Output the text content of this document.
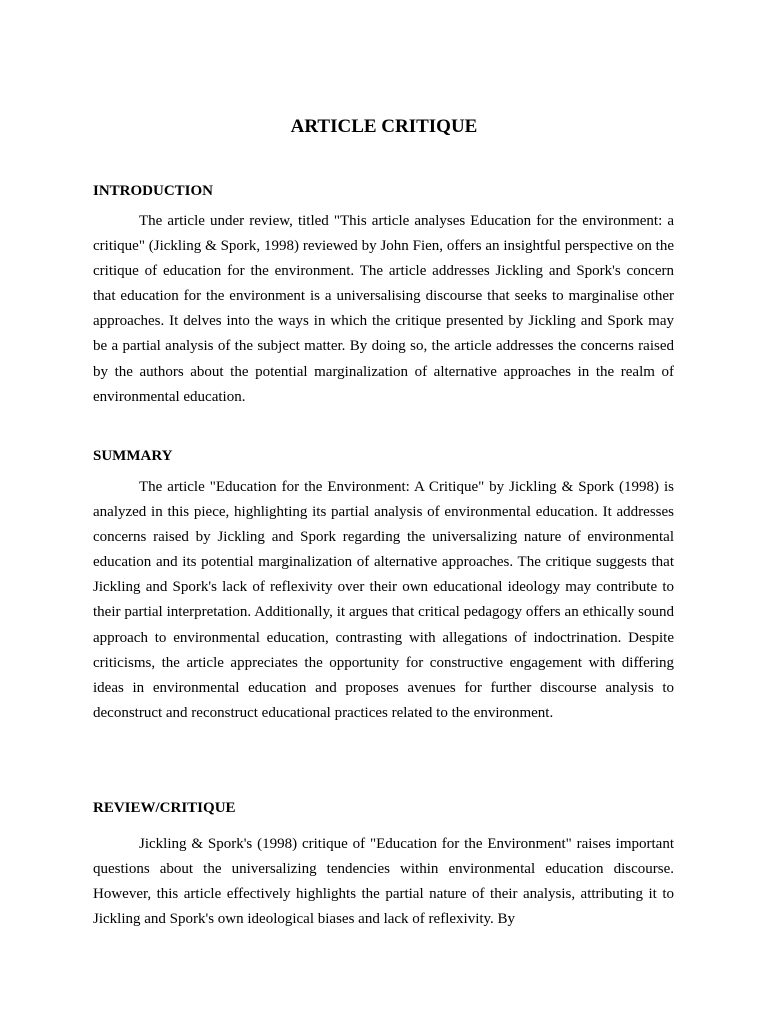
ARTICLE CRITIQUE
INTRODUCTION

The article under review, titled "This article analyses Education for the environment: a critique" (Jickling & Spork, 1998) reviewed by John Fien, offers an insightful perspective on the critique of education for the environment. The article addresses Jickling and Spork's concern that education for the environment is a universalising discourse that seeks to marginalise other approaches. It delves into the ways in which the critique presented by Jickling and Spork may be a partial analysis of the subject matter. By doing so, the article addresses the concerns raised by the authors about the potential marginalization of alternative approaches in the realm of environmental education.

SUMMARY

The article "Education for the Environment: A Critique" by Jickling & Spork (1998) is analyzed in this piece, highlighting its partial analysis of environmental education. It addresses concerns raised by Jickling and Spork regarding the universalizing nature of environmental education and its potential marginalization of alternative approaches. The critique suggests that Jickling and Spork's lack of reflexivity over their own educational ideology may contribute to their partial interpretation. Additionally, it argues that critical pedagogy offers an ethically sound approach to environmental education, contrasting with allegations of indoctrination. Despite criticisms, the article appreciates the opportunity for constructive engagement with differing ideas in environmental education and proposes avenues for further discourse analysis to deconstruct and reconstruct educational practices related to the environment.

REVIEW/CRITIQUE

Jickling & Spork's (1998) critique of "Education for the Environment" raises important questions about the universalizing tendencies within environmental education discourse. However, this article effectively highlights the partial nature of their analysis, attributing it to Jickling and Spork's own ideological biases and lack of reflexivity. By
